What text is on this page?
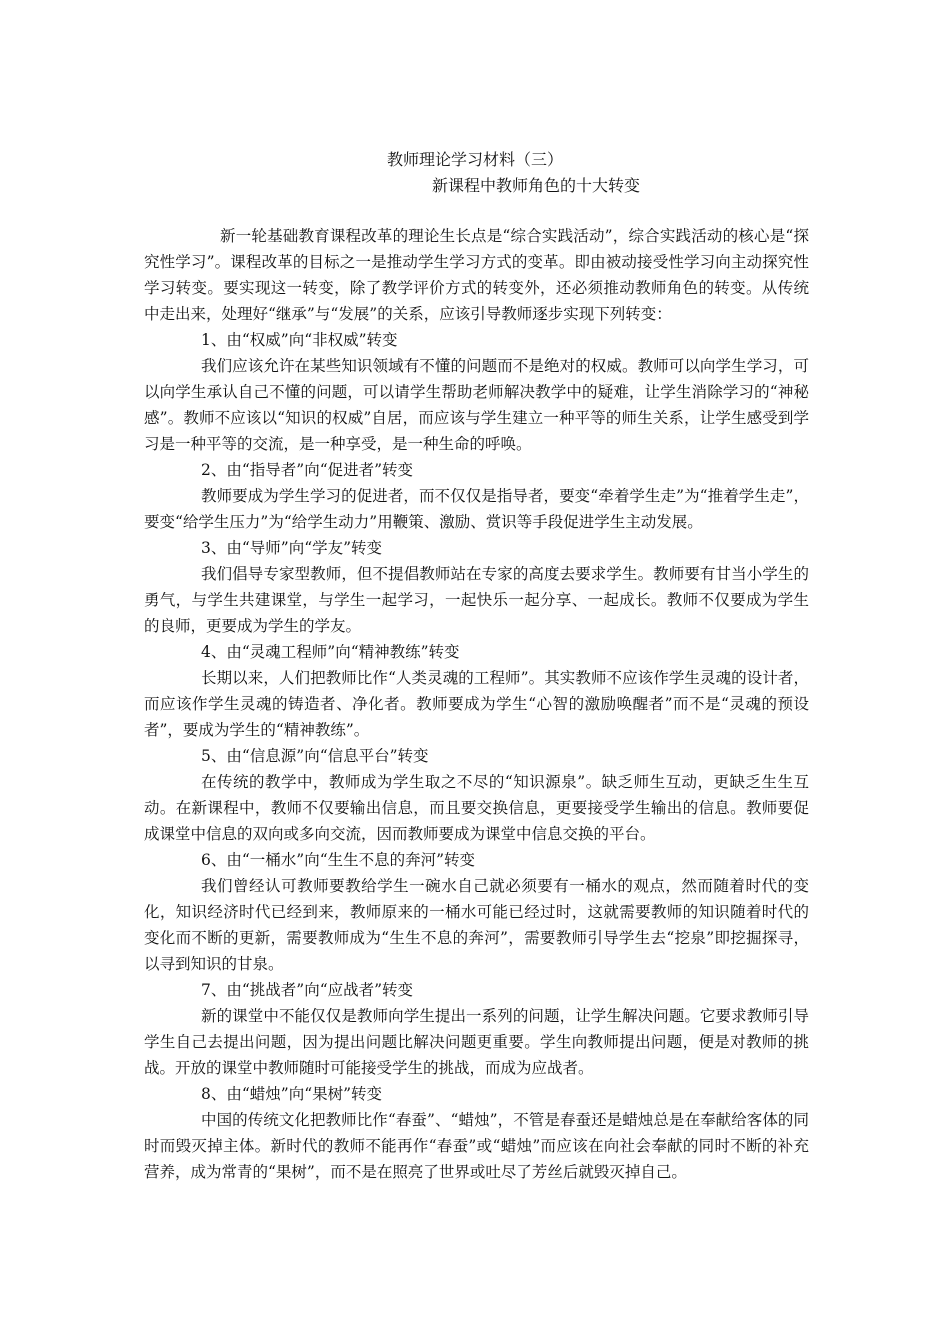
教师理论学习材料（三）
新课程中教师角色的十大转变

新一轮基础教育课程改革的理论生长点是“综合实践活动”，综合实践活动的核心是“探究性学习”。课程改革的目标之一是推动学生学习方式的变革。即由被动接受性学习向主动探究性学习转变。要实现这一转变，除了教学评价方式的转变外，还必须推动教师角色的转变。从传统中走出来，处理好“继承”与“发展”的关系，应该引导教师逐步实现下列转变：

1、由“权威”向“非权威”转变

我们应该允许在某些知识领域有不懂的问题而不是绝对的权威。教师可以向学生学习，可以向学生承认自己不懂的问题，可以请学生帮助老师解决教学中的疑难，让学生消除学习的“神秘感”。教师不应该以“知识的权威”自居，而应该与学生建立一种平等的师生关系，让学生感受到学习是一种平等的交流，是一种享受，是一种生命的呼唤。

2、由“指导者”向“促进者”转变

教师要成为学生学习的促进者，而不仅仅是指导者，要变“牵着学生走”为“推着学生走”，要变“给学生压力”为“给学生动力”用鞭策、激励、赏识等手段促进学生主动发展。

3、由“导师”向“学友”转变

我们倡导专家型教师，但不提倡教师站在专家的高度去要求学生。教师要有甘当小学生的勇气，与学生共建课堂，与学生一起学习，一起快乐一起分享、一起成长。教师不仅要成为学生的良师，更要成为学生的学友。

4、由“灵魂工程师”向“精神教练”转变

长期以来，人们把教师比作“人类灵魂的工程师”。其实教师不应该作学生灵魂的设计者，而应该作学生灵魂的铸造者、净化者。教师要成为学生“心智的激励唤醒者”而不是“灵魂的预设者”，要成为学生的“精神教练”。

5、由“信息源”向“信息平台”转变

在传统的教学中，教师成为学生取之不尽的“知识源泉”。缺乏师生互动，更缺乏生生互动。在新课程中，教师不仅要输出信息，而且要交换信息，更要接受学生输出的信息。教师要促成课堂中信息的双向或多向交流，因而教师要成为课堂中信息交换的平台。

6、由“一桶水”向“生生不息的奔河”转变

我们曾经认可教师要教给学生一碗水自己就必须要有一桶水的观点，然而随着时代的变化，知识经济时代已经到来，教师原来的一桶水可能已经过时，这就需要教师的知识随着时代的变化而不断的更新，需要教师成为“生生不息的奔河”，需要教师引导学生去“挖泉”即挖掘探寻，以寻到知识的甘泉。

7、由“挑战者”向“应战者”转变

新的课堂中不能仅仅是教师向学生提出一系列的问题，让学生解决问题。它要求教师引导学生自己去提出问题，因为提出问题比解决问题更重要。学生向教师提出问题，便是对教师的挑战。开放的课堂中教师随时可能接受学生的挑战，而成为应战者。

8、由“蜡烛”向“果树”转变

中国的传统文化把教师比作“春蚕”、“蜡烛”，不管是春蚕还是蜡烛总是在奉献给客体的同时而毁灭掉主体。新时代的教师不能再作“春蚕”或“蜡烛”而应该在向社会奉献的同时不断的补充营养，成为常青的“果树”，而不是在照亮了世界或吐尽了芳丝后就毁灭掉自己。
